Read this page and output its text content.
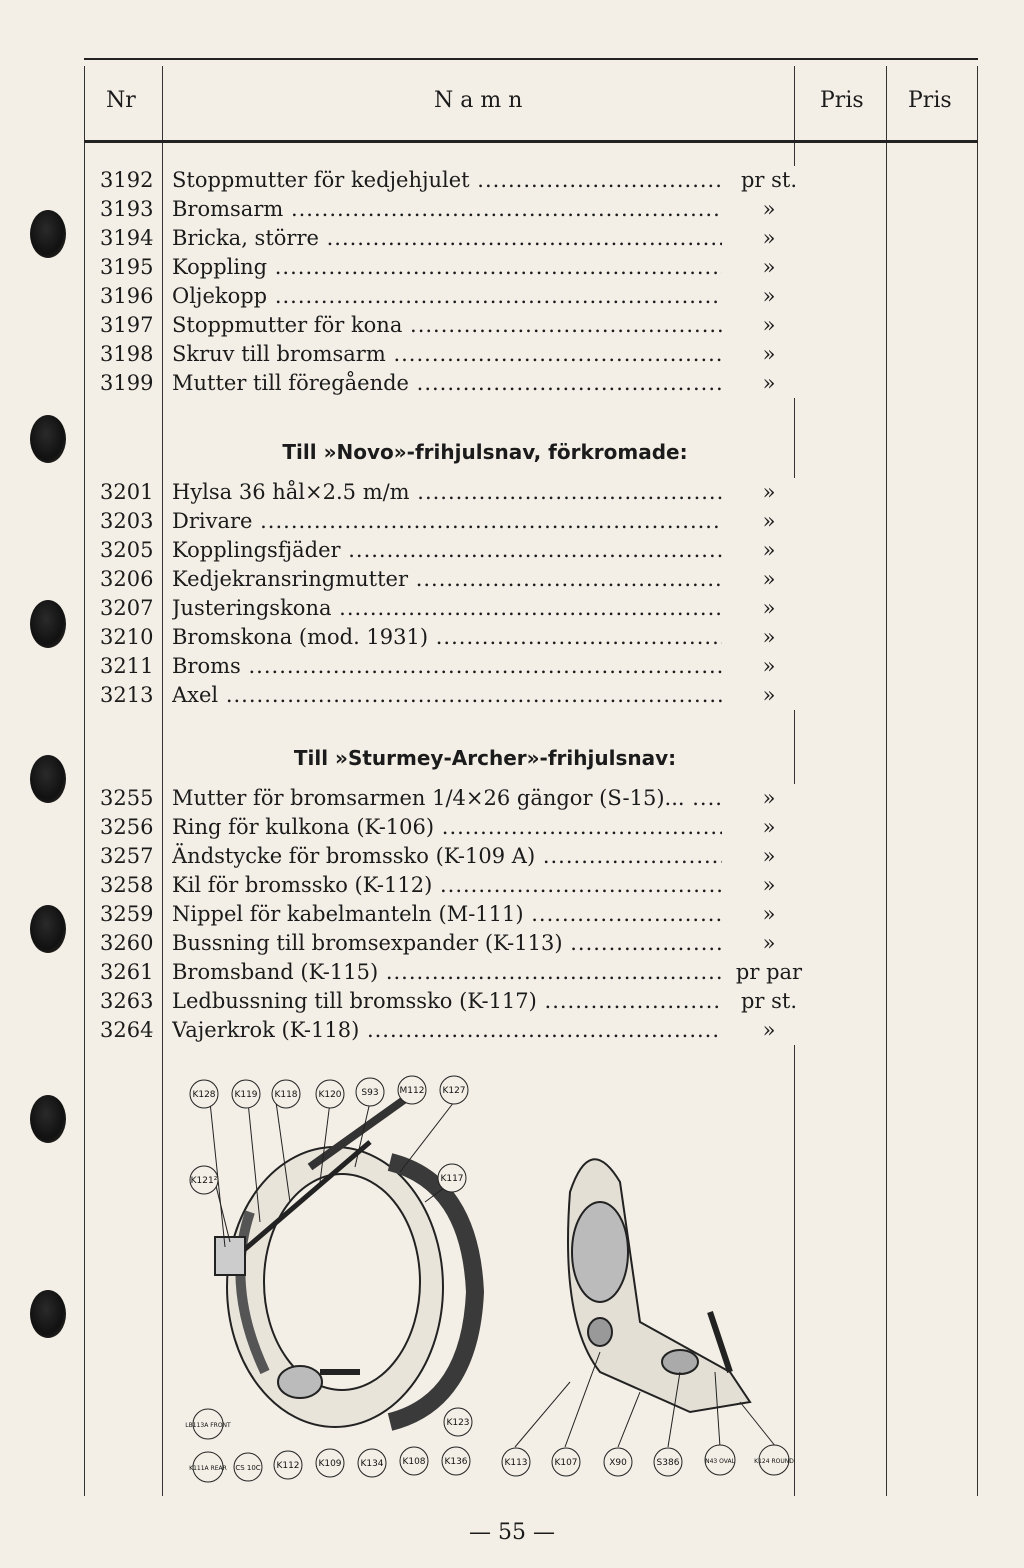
Nr	N a m n	Pris Pris
3192 Stoppmutter för kedjehjulet .....	pr st.
3193 Bromsarm .....	»
3194 Bricka, större .....	»
3195 Koppling .....	»
3196 Oljekopp .....	»
3197 Stoppmutter för kona .....	»
3198 Skruv till bromsarm .....	»
3199 Mutter till föregående .....	»
Till »Novo»-frihjulsnav, förkromade:
3201 Hylsa 36 hål×2.5 m/m .....	»
3203 Drivare .....	»
3205 Kopplingsfjäder .....	»
3206 Kedjekransringmutter .....	»
3207 Justeringskona .....	»
3210 Bromskona (mod. 1931) .....	»
3211 Broms .....	»
3213 Axel .....	»
Till »Sturmey-Archer»-frihjulsnav:
3255 Mutter för bromsarmen 1/4×26 gängor (S-15)... .....	»
3256 Ring för kulkona (K-106) .....	»
3257 Ändstycke för bromssko (K-109 A) .....	»
3258 Kil för bromssko (K-112) .....	»
3259 Nippel för kabelmanteln (M-111) .....	»
3260 Bussning till bromsexpander (K-113) .....	»
3261 Bromsband (K-115) .....	pr par
3263 Ledbussning till bromssko (K-117) .....	pr st.
3264 Vajerkrok (K-118) .....	»
K128 K119 K118 K120 S93 M112 K127
K121²	K117
LB113A FRONT	K123
K111A REAR CS 10C K112 K109 K134 K108 K136	K113	K107	X90	S386	N43 OVAL	K124 ROUND
— 55 —
